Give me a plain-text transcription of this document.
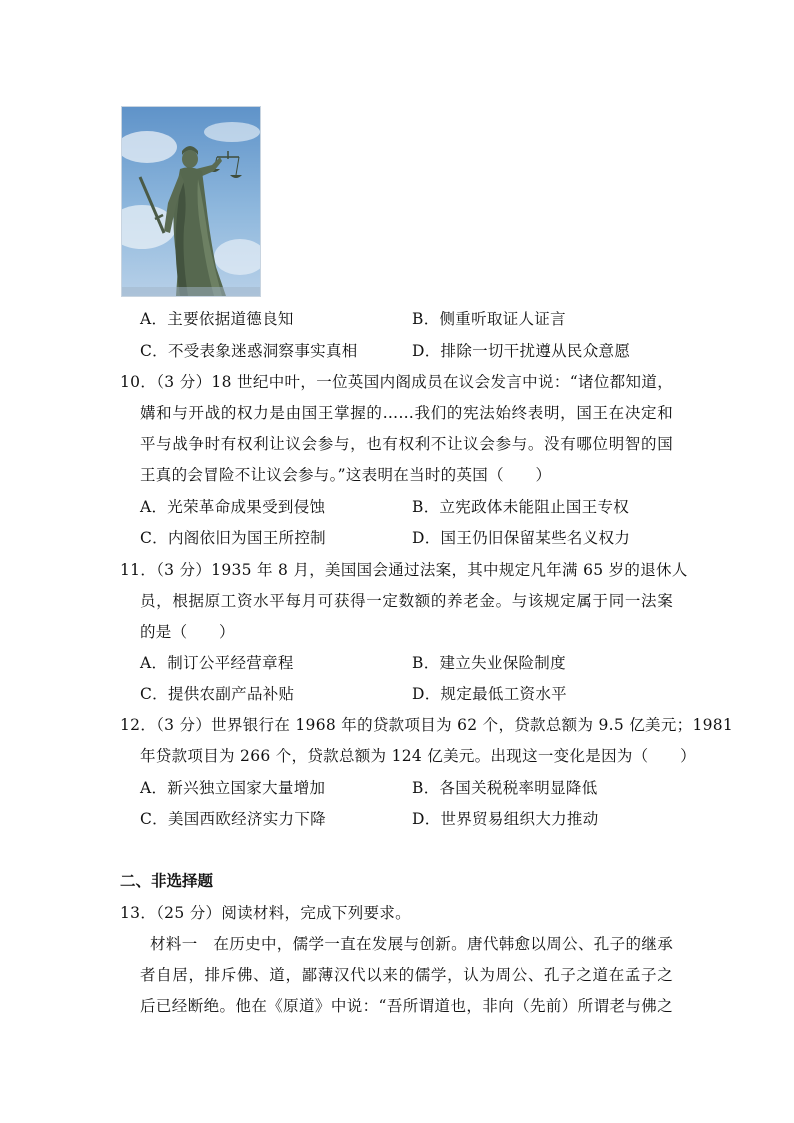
A．主要依据道德良知	B．侧重听取证人证言
C．不受表象迷惑洞察事实真相	D．排除一切干扰遵从民众意愿
10．（3 分）18 世纪中叶，一位英国内阁成员在议会发言中说：“诸位都知道，
媾和与开战的权力是由国王掌握的……我们的宪法始终表明，国王在决定和
平与战争时有权利让议会参与，也有权利不让议会参与。没有哪位明智的国
王真的会冒险不让议会参与。”这表明在当时的英国（　　）
A．光荣革命成果受到侵蚀	B．立宪政体未能阻止国王专权
C．内阁依旧为国王所控制	D．国王仍旧保留某些名义权力
11．（3 分）1935 年 8 月，美国国会通过法案，其中规定凡年满 65 岁的退休人
员，根据原工资水平每月可获得一定数额的养老金。与该规定属于同一法案
的是（　　）
A．制订公平经营章程	B．建立失业保险制度
C．提供农副产品补贴	D．规定最低工资水平
12．（3 分）世界银行在 1968 年的贷款项目为 62 个，贷款总额为 9.5 亿美元；1981
年贷款项目为 266 个，贷款总额为 124 亿美元。出现这一变化是因为（　　）
A．新兴独立国家大量增加	B．各国关税税率明显降低
C．美国西欧经济实力下降	D．世界贸易组织大力推动
二、非选择题
13．（25 分）阅读材料，完成下列要求。
材料一　在历史中，儒学一直在发展与创新。唐代韩愈以周公、孔子的继承
者自居，排斥佛、道，鄙薄汉代以来的儒学，认为周公、孔子之道在孟子之
后已经断绝。他在《原道》中说：“吾所谓道也，非向（先前）所谓老与佛之
